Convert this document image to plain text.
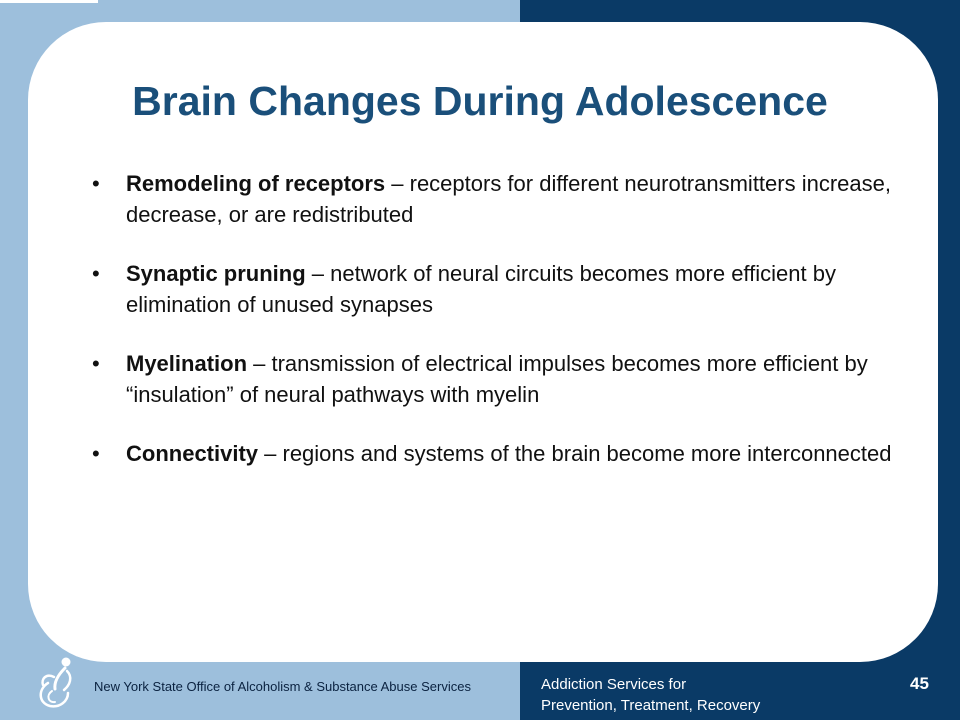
Brain Changes During Adolescence
• Remodeling of receptors – receptors for different neurotransmitters increase, decrease, or are redistributed
• Synaptic pruning – network of neural circuits becomes more efficient by elimination of unused synapses
• Myelination – transmission of electrical impulses becomes more efficient by “insulation” of neural pathways with myelin
• Connectivity – regions and systems of the brain become more interconnected
New York State Office of Alcoholism & Substance Abuse Services	Addiction Services for
Prevention, Treatment, Recovery
45
